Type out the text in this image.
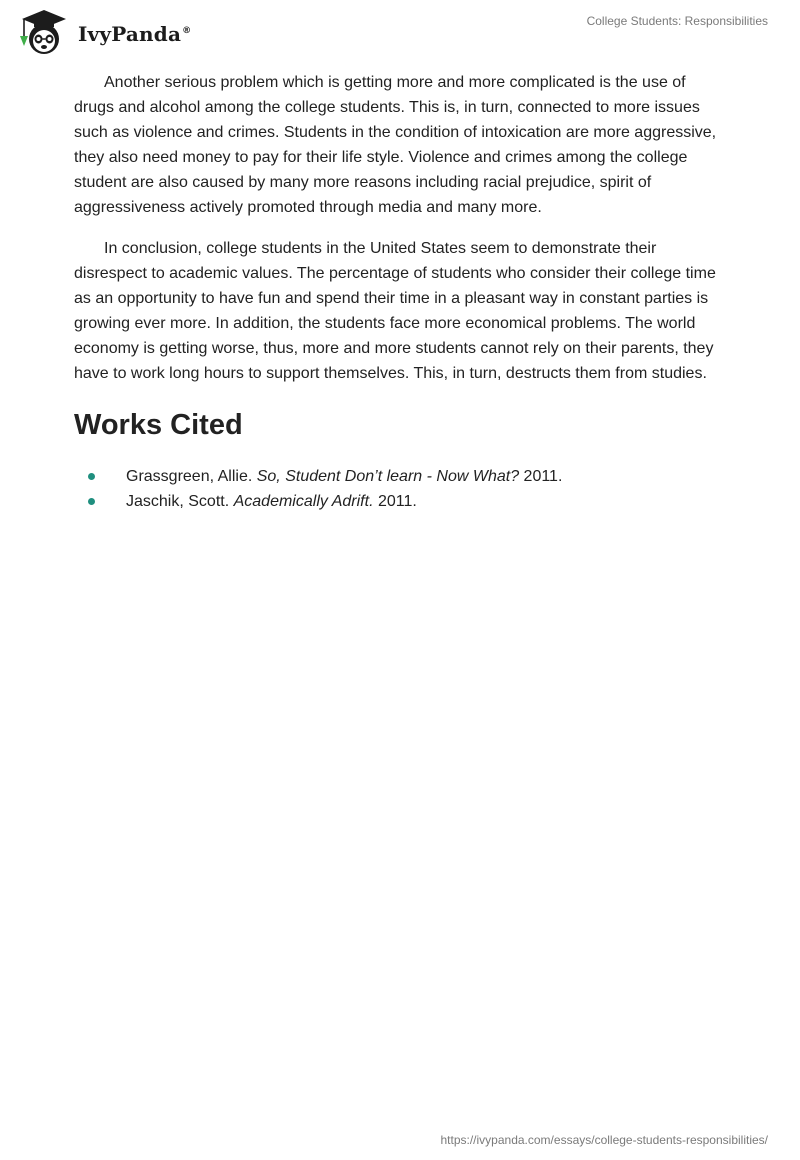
IvyPanda®
College Students: Responsibilities

Another serious problem which is getting more and more complicated is the use of drugs and alcohol among the college students. This is, in turn, connected to more issues such as violence and crimes. Students in the condition of intoxication are more aggressive, they also need money to pay for their life style. Violence and crimes among the college student are also caused by many more reasons including racial prejudice, spirit of aggressiveness actively promoted through media and many more.

In conclusion, college students in the United States seem to demonstrate their disrespect to academic values. The percentage of students who consider their college time as an opportunity to have fun and spend their time in a pleasant way in constant parties is growing ever more. In addition, the students face more economical problems. The world economy is getting worse, thus, more and more students cannot rely on their parents, they have to work long hours to support themselves. This, in turn, destructs them from studies.

Works Cited
Grassgreen, Allie. So, Student Don’t learn - Now What? 2011.
Jaschik, Scott. Academically Adrift. 2011.
https://ivypanda.com/essays/college-students-responsibilities/
